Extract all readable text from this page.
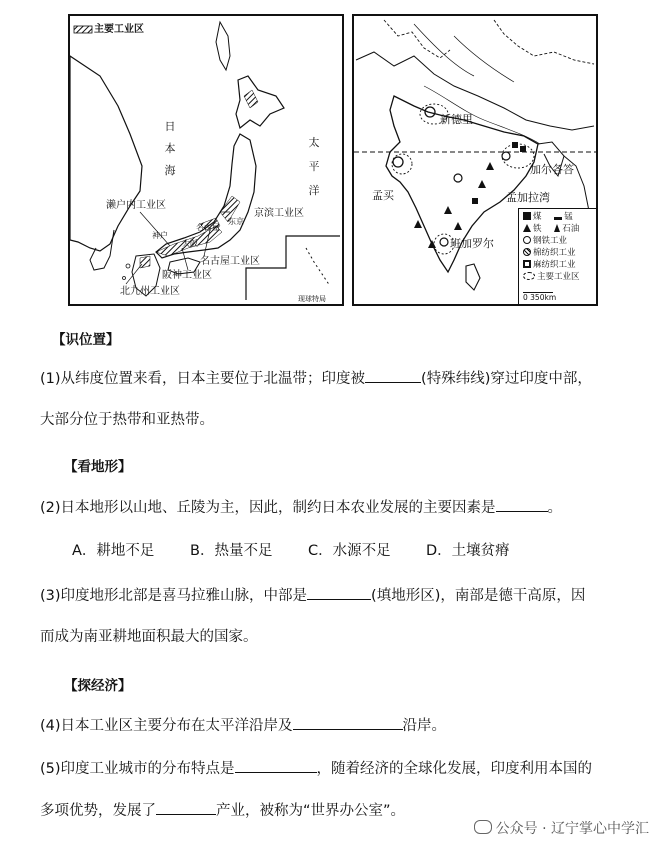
主要工业区
日
本
海
太
平
洋
濑户内工业区
京滨工业区
名古屋
东京
大阪
神户
阪神工业区
名古屋工业区
北九州工业区
现球特局
新德里
加尔各答
孟买
班加罗尔
孟加拉湾
煤	锰
铁 石油
钢铁工业
棉纺织工业
麻纺织工业
主要工业区
0 350km
【识位置】
(1)从纬度位置来看，日本主要位于北温带；印度被	(特殊纬线)穿过印度中部，
大部分位于热带和亚热带。
【看地形】
(2)日本地形以山地、丘陵为主，因此，制约日本农业发展的主要因素是	。
A．耕地不足 B．热量不足 C．水源不足 D．土壤贫瘠
(3)印度地形北部是喜马拉雅山脉，中部是	(填地形区)，南部是德干高原，因
而成为南亚耕地面积最大的国家。
【探经济】
(4)日本工业区主要分布在太平洋沿岸及	沿岸。
(5)印度工业城市的分布特点是	，随着经济的全球化发展，印度利用本国的
多项优势，发展了	产业，被称为“世界办公室”。
公众号 · 辽宁掌心中学汇
